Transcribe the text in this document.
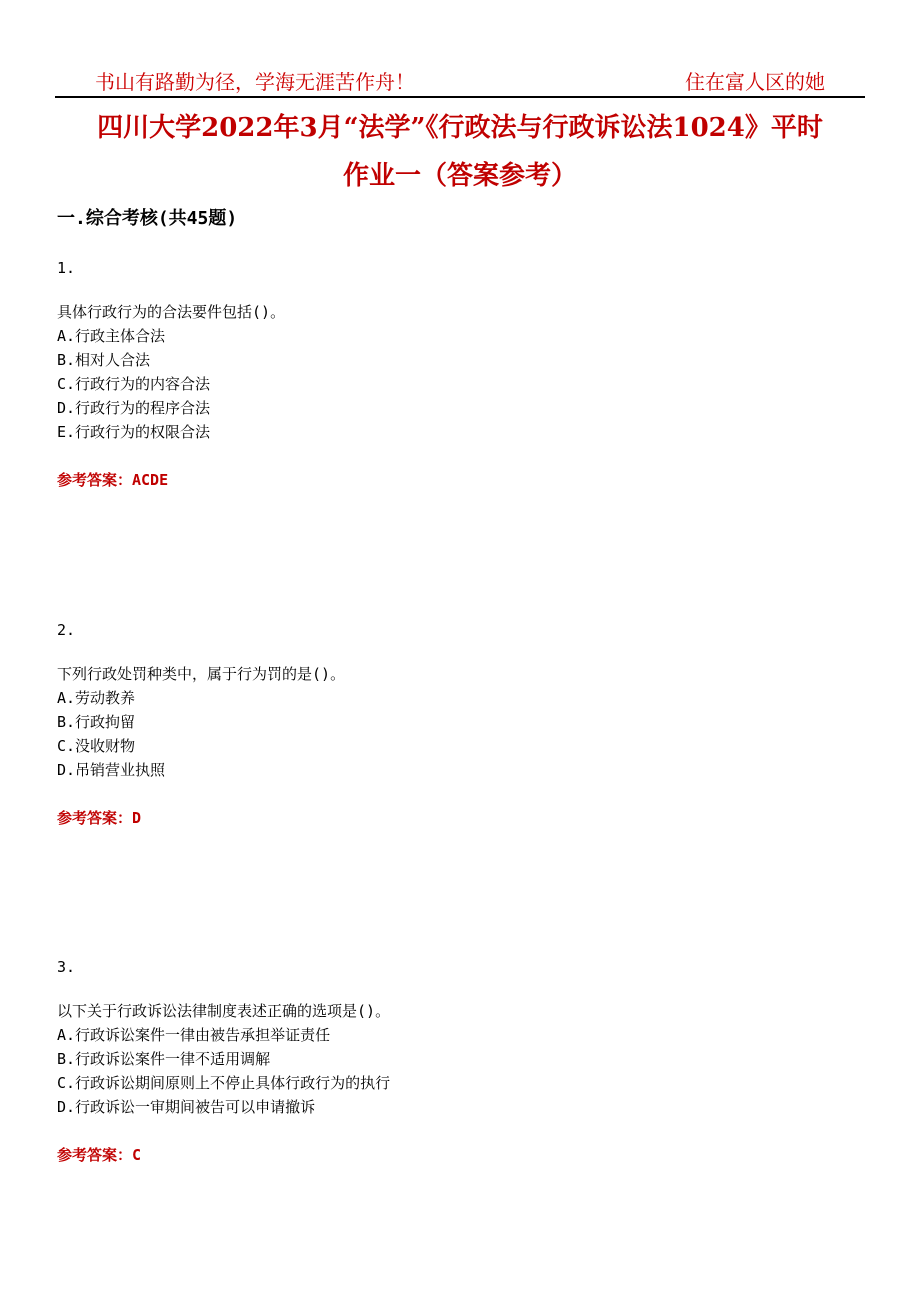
书山有路勤为径，学海无涯苦作舟！	住在富人区的她
四川大学2022年3月“法学”《行政法与行政诉讼法1024》平时
作业一（答案参考）
一.综合考核(共45题)
1.
具体行政行为的合法要件包括()。
A.行政主体合法
B.相对人合法
C.行政行为的内容合法
D.行政行为的程序合法
E.行政行为的权限合法
参考答案：ACDE
2.
下列行政处罚种类中，属于行为罚的是()。
A.劳动教养
B.行政拘留
C.没收财物
D.吊销营业执照
参考答案：D
3.
以下关于行政诉讼法律制度表述正确的选项是()。
A.行政诉讼案件一律由被告承担举证责任
B.行政诉讼案件一律不适用调解
C.行政诉讼期间原则上不停止具体行政行为的执行
D.行政诉讼一审期间被告可以申请撤诉
参考答案：C
